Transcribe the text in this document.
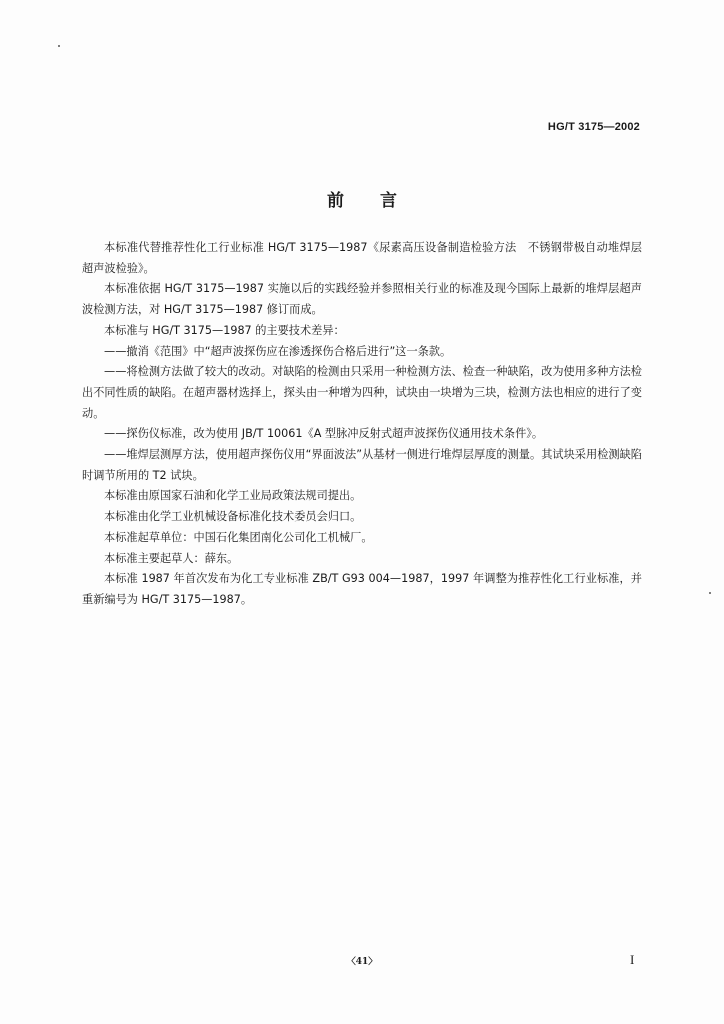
HG/T 3175—2002
前言

本标准代替推荐性化工行业标准 HG/T 3175—1987《尿素高压设备制造检验方法　不锈钢带极自动堆焊层超声波检验》。

本标准依据 HG/T 3175—1987 实施以后的实践经验并参照相关行业的标准及现今国际上最新的堆焊层超声波检测方法，对 HG/T 3175—1987 修订而成。

本标准与 HG/T 3175—1987 的主要技术差异：

——撤消《范围》中“超声波探伤应在渗透探伤合格后进行”这一条款。

——将检测方法做了较大的改动。对缺陷的检测由只采用一种检测方法、检查一种缺陷，改为使用多种方法检出不同性质的缺陷。在超声器材选择上，探头由一种增为四种，试块由一块增为三块，检测方法也相应的进行了变动。

——探伤仪标准，改为使用 JB/T 10061《A 型脉冲反射式超声波探伤仪通用技术条件》。

——堆焊层测厚方法，使用超声探伤仪用“界面波法”从基材一侧进行堆焊层厚度的测量。其试块采用检测缺陷时调节所用的 T2 试块。

本标准由原国家石油和化学工业局政策法规司提出。

本标准由化学工业机械设备标准化技术委员会归口。

本标准起草单位：中国石化集团南化公司化工机械厂。

本标准主要起草人：薛东。

本标准 1987 年首次发布为化工专业标准 ZB/T G93 004—1987，1997 年调整为推荐性化工行业标准，并重新编号为 HG/T 3175—1987。

〈41〉	I
